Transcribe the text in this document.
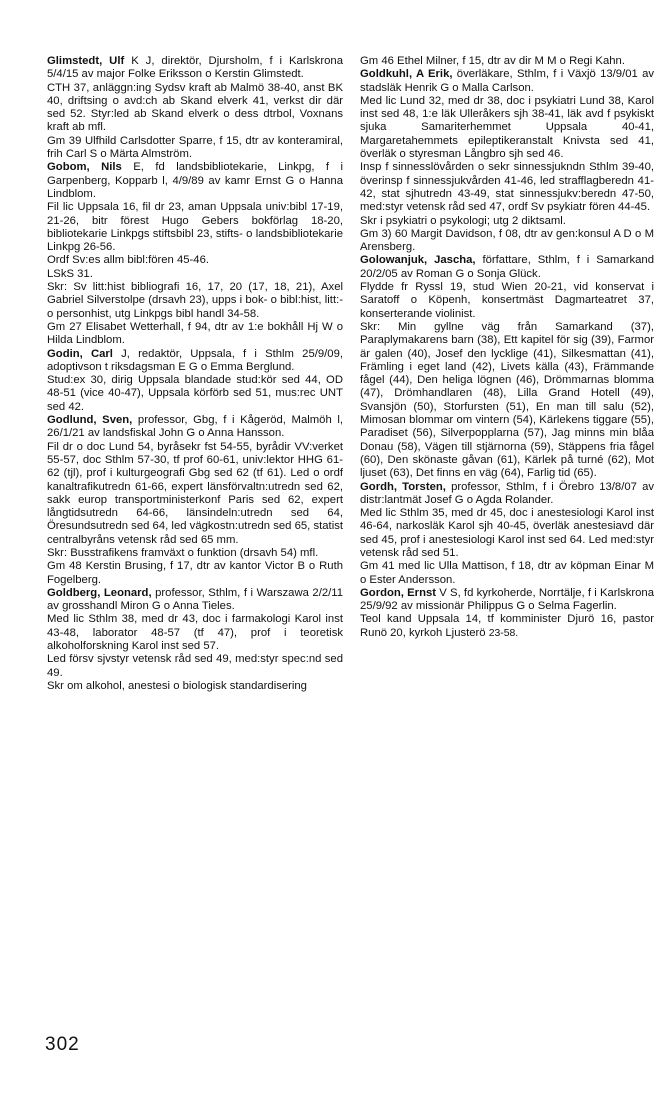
Glimstedt, Ulf K J, direktör, Djursholm, f i Karlskrona 5/4/15 av major Folke Eriksson o Kerstin Glimstedt.

CTH 37, anläggn:ing Sydsv kraft ab Malmö 38-40, anst BK 40, driftsing o avd:ch ab Skand elverk 41, verkst dir där sed 52. Styr:led ab Skand elverk o dess dtrbol, Voxnans kraft ab mfl.

Gm 39 Ulfhild Carlsdotter Sparre, f 15, dtr av konteramiral, frih Carl S o Märta Almström.

Gobom, Nils E, fd landsbibliotekarie, Linkpg, f i Garpenberg, Kopparb l, 4/9/89 av kamr Ernst G o Hanna Lindblom.

Fil lic Uppsala 16, fil dr 23, aman Uppsala univ:bibl 17-19, 21-26, bitr förest Hugo Gebers bokförlag 18-20, bibliotekarie Linkpgs stiftsbibl 23, stifts- o landsbibliotekarie Linkpg 26-56.

Ordf Sv:es allm bibl:fören 45-46.

LSkS 31.

Skr: Sv litt:hist bibliografi 16, 17, 20 (17, 18, 21), Axel Gabriel Silverstolpe (drsavh 23), upps i bok- o bibl:hist, litt:- o personhist, utg Linkpgs bibl handl 34-58.

Gm 27 Elisabet Wetterhall, f 94, dtr av 1:e bokhåll Hj W o Hilda Lindblom.

Godin, Carl J, redaktör, Uppsala, f i Sthlm 25/9/09, adoptivson t riksdagsman E G o Emma Berglund.

Stud:ex 30, dirig Uppsala blandade stud:kör sed 44, OD 48-51 (vice 40-47), Uppsala körförb sed 51, mus:rec UNT sed 42.

Godlund, Sven, professor, Gbg, f i Kågeröd, Malmöh l, 26/1/21 av landsfiskal John G o Anna Hansson.

Fil dr o doc Lund 54, byråsekr fst 54-55, byrådir VV:verket 55-57, doc Sthlm 57-30, tf prof 60-61, univ:lektor HHG 61-62 (tjl), prof i kulturgeografi Gbg sed 62 (tf 61). Led o ordf kanaltrafikutredn 61-66, expert länsförvaltn:utredn sed 62, sakk europ transportministerkonf Paris sed 62, expert långtidsutredn 64-66, länsindeln:utredn sed 64, Öresundsutredn sed 64, led vägkostn:utredn sed 65, statist centralbyråns vetensk råd sed 65 mm.

Skr: Busstrafikens framväxt o funktion (drsavh 54) mfl.

Gm 48 Kerstin Brusing, f 17, dtr av kantor Victor B o Ruth Fogelberg.

Goldberg, Leonard, professor, Sthlm, f i Warszawa 2/2/11 av grosshandl Miron G o Anna Tieles.

Med lic Sthlm 38, med dr 43, doc i farmakologi Karol inst 43-48, laborator 48-57 (tf 47), prof i teoretisk alkoholforskning Karol inst sed 57.

Led försv sjvstyr vetensk råd sed 49, med:styr spec:nd sed 49.

Skr om alkohol, anestesi o biologisk standardisering

Gm 46 Ethel Milner, f 15, dtr av dir M M o Regi Kahn.

Goldkuhl, A Erik, överläkare, Sthlm, f i Växjö 13/9/01 av stadsläk Henrik G o Malla Carlson.

Med lic Lund 32, med dr 38, doc i psykiatri Lund 38, Karol inst sed 48, 1:e läk Ulleråkers sjh 38-41, läk avd f psykiskt sjuka Samariterhemmet Uppsala 40-41, Margaretahemmets epileptikeranstalt Knivsta sed 41, överläk o styresman Långbro sjh sed 46.

Insp f sinnesslövården o sekr sinnessjukndn Sthlm 39-40, överinsp f sinnessjukvården 41-46, led strafflagberedn 41-42, stat sjhutredn 43-49, stat sinnessjukv:beredn 47-50, med:styr vetensk råd sed 47, ordf Sv psykiatr fören 44-45.

Skr i psykiatri o psykologi; utg 2 diktsaml.

Gm 3) 60 Margit Davidson, f 08, dtr av gen:konsul A D o M Arensberg.

Golowanjuk, Jascha, författare, Sthlm, f i Samarkand 20/2/05 av Roman G o Sonja Glück.

Flydde fr Ryssl 19, stud Wien 20-21, vid konservat i Saratoff o Köpenh, konsertmäst Dagmarteatret 37, konserterande violinist.

Skr: Min gyllne väg från Samarkand (37), Paraplymakarens barn (38), Ett kapitel för sig (39), Farmor är galen (40), Josef den lycklige (41), Silkesmattan (41), Främling i eget land (42), Livets källa (43), Främmande fågel (44), Den heliga lögnen (46), Drömmarnas blomma (47), Drömhandlaren (48), Lilla Grand Hotell (49), Svansjön (50), Storfursten (51), En man till salu (52), Mimosan blommar om vintern (54), Kärlekens tiggare (55), Paradiset (56), Silverpopplarna (57), Jag minns min blåa Donau (58), Vägen till stjärnorna (59), Stäppens fria fågel (60), Den skönaste gåvan (61), Kärlek på turné (62), Mot ljuset (63), Det finns en väg (64), Farlig tid (65).

Gordh, Torsten, professor, Sthlm, f i Örebro 13/8/07 av distr:lantmät Josef G o Agda Rolander.

Med lic Sthlm 35, med dr 45, doc i anestesiologi Karol inst 46-64, narkosläk Karol sjh 40-45, överläk anestesiavd där sed 45, prof i anestesiologi Karol inst sed 64. Led med:styr vetensk råd sed 51.

Gm 41 med lic Ulla Mattison, f 18, dtr av köpman Einar M o Ester Andersson.

Gordon, Ernst V S, fd kyrkoherde, Norrtälje, f i Karlskrona 25/9/92 av missionär Philippus G o Selma Fagerlin.

Teol kand Uppsala 14, tf komminister Djurö 16, pastor Runö 20, kyrkoh Ljusterö 23-58.

302
